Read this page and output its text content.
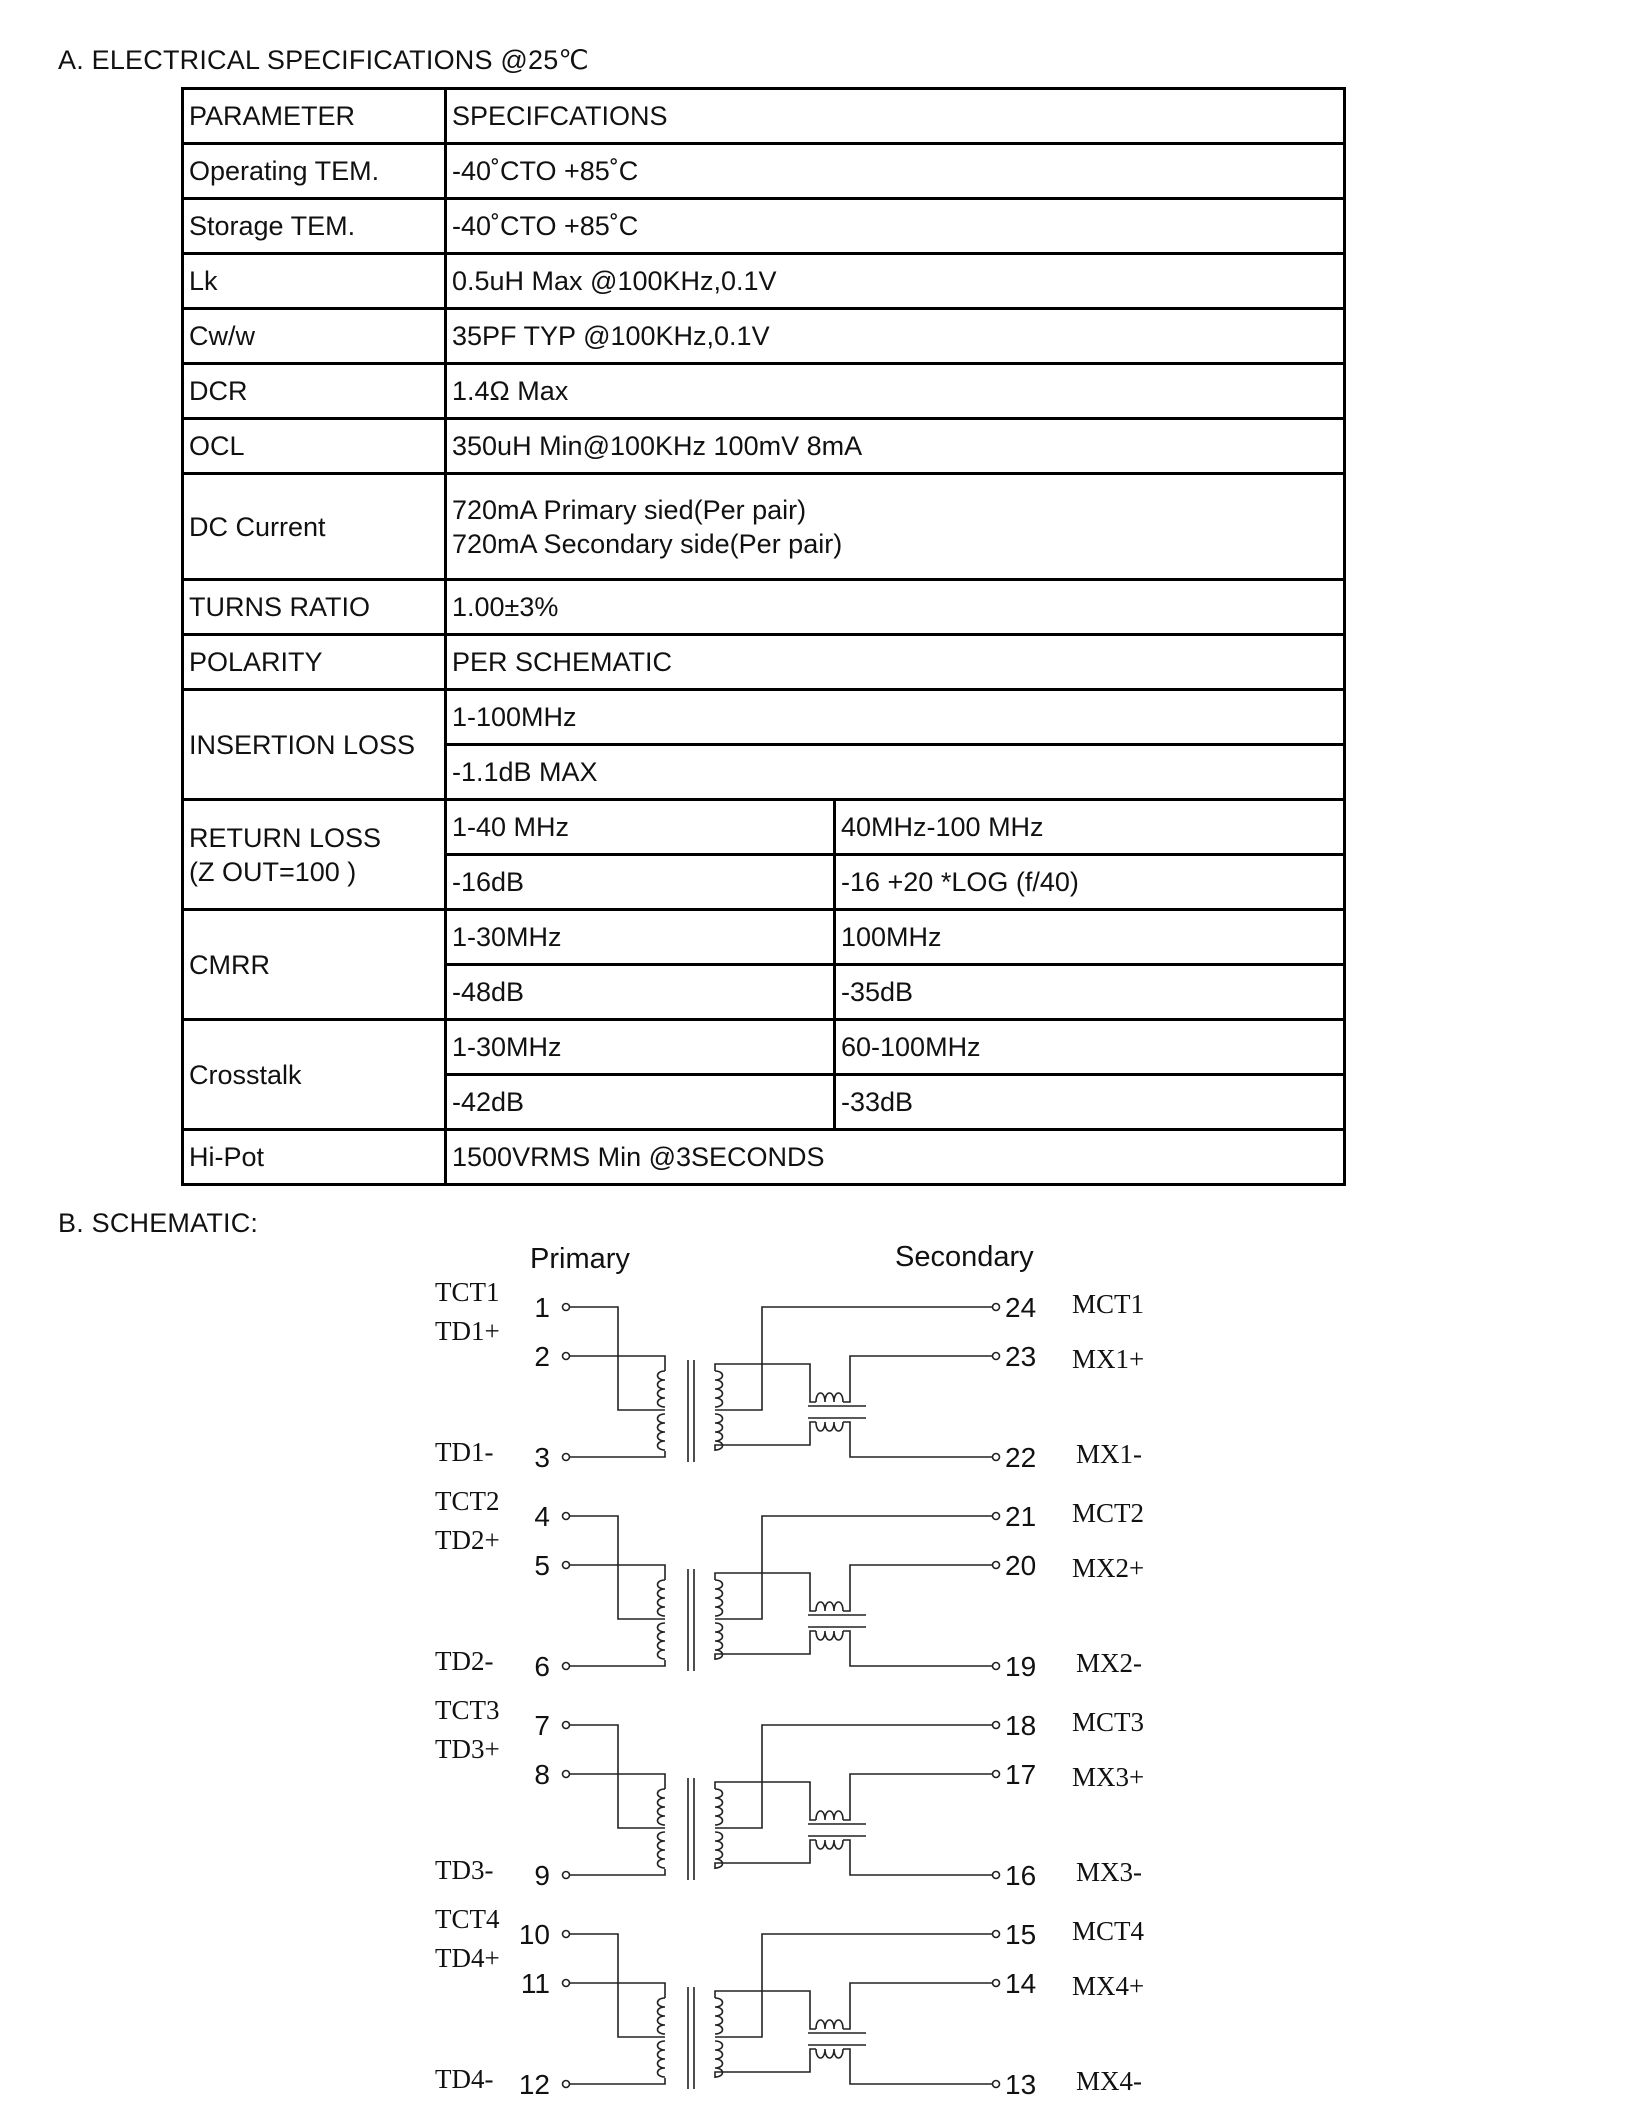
A. ELECTRICAL SPECIFICATIONS @25℃
PARAMETER	SPECIFCATIONS	
Operating TEM.	-40˚CTO +85˚C	
Storage TEM.	-40˚CTO +85˚C	
Lk	0.5uH Max @100KHz,0.1V	
Cw/w	35PF TYP @100KHz,0.1V	
DCR	1.4Ω Max	
OCL	350uH Min@100KHz 100mV 8mA	
DC Current	720mA Primary sied(Per pair)
720mA Secondary side(Per pair)	

TURNS RATIO	1.00±3%	
POLARITY	PER SCHEMATIC	
INSERTION LOSS	1-100MHz	
	-1.1dB MAX	

RETURN LOSS
(Z OUT=100 )	1-40 MHz	40MHz-100 MHz
	-16dB	-16 +20 *LOG (f/40)
CMRR	1-30MHz	100MHz
	-48dB	-35dB
Crosstalk	1-30MHz	60-100MHz
	-42dB	-33dB
Hi-Pot	1500VRMS Min @3SECONDS	
B. SCHEMATIC:
Primary	Secondary
TCT1
TD1+
TD1-
1
2
3
24
23
22
MCT1
MX1+
MX1-
TCT2
TD2+
TD2-
4
5
6
21
20
19
MCT2
MX2+
MX2-
TCT3
TD3+
TD3-
7
8
9
18
17
16
MCT3
MX3+
MX3-
TCT4
TD4+
TD4-
10
11
12
15
14
13
MCT4
MX4+
MX4-
